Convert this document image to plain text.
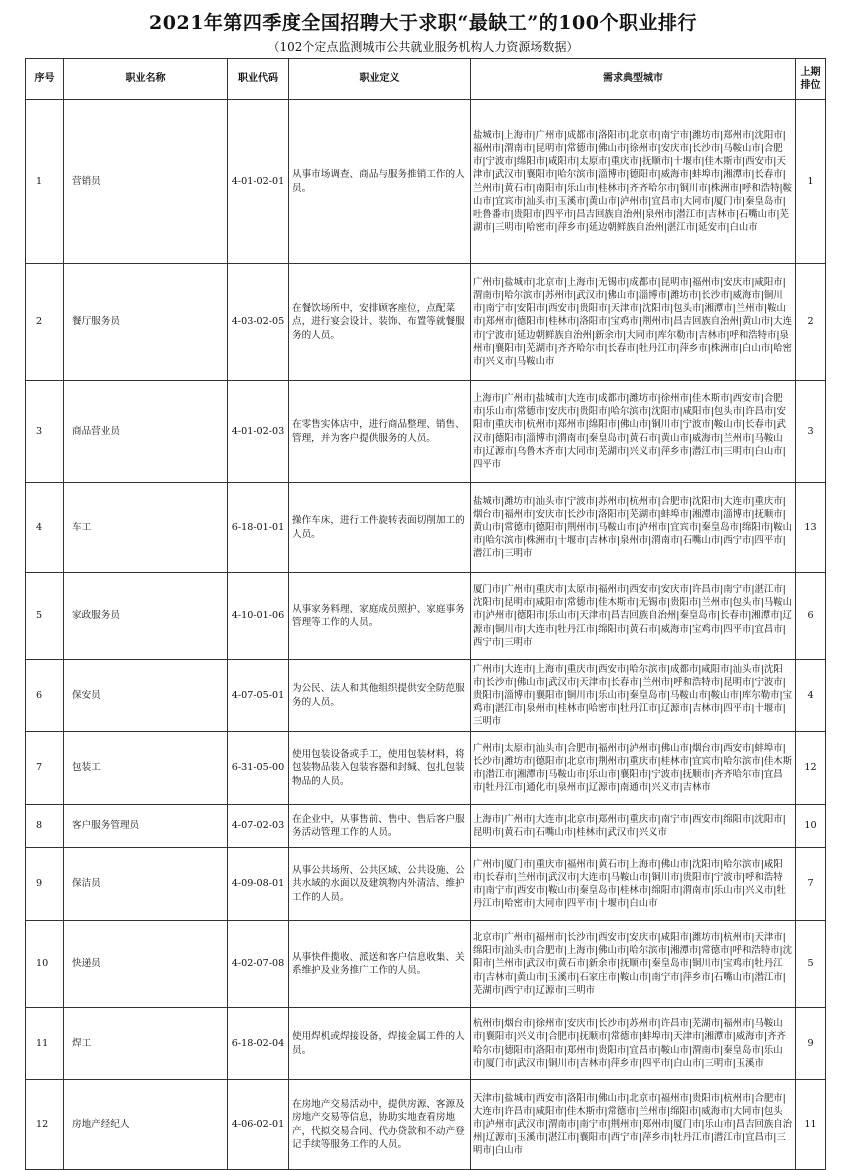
2021年第四季度全国招聘大于求职“最缺工”的100个职业排行
（102个定点监测城市公共就业服务机构人力资源场数据）
序号	职业名称	职业代码	职业定义	需求典型城市	上期排位
1	营销员	4-01-02-01	从事市场调查、商品与服务推销工作的人员。	盐城市|上海市|广州市|成都市|洛阳市|北京市|南宁市|潍坊市|郑州市|沈阳市|福州市|渭南市|昆明市|常德市|佛山市|徐州市|安庆市|长沙市|马鞍山市|合肥市|宁波市|绵阳市|咸阳市|太原市|重庆市|抚顺市|十堰市|佳木斯市|西安市|天津市|武汉市|襄阳市|哈尔滨市|淄博市|德阳市|威海市|蚌埠市|湘潭市|长春市|兰州市|黄石市|南阳市|乐山市|桂林市|齐齐哈尔市|铜川市|株洲市|呼和浩特|鞍山市|宜宾市|汕头市|玉溪市|黄山市|泸州市|宜昌市|大同市|厦门市|秦皇岛市|吐鲁番市|贵阳市|四平市|昌吉回族自治州|泉州市|潜江市|吉林市|石嘴山市|芜湖市|三明市|哈密市|萍乡市|延边朝鲜族自治州|湛江市|延安市|白山市	1
2	餐厅服务员	4-03-02-05	在餐饮场所中，安排顾客座位，点配菜点，进行宴会设计、装饰、布置等就餐服务的人员。	广州市|盐城市|北京市|上海市|无锡市|成都市|昆明市|福州市|安庆市|咸阳市|渭南市|哈尔滨市|苏州市|武汉市|佛山市|淄博市|潍坊市|长沙市|威海市|铜川市|南宁市|安阳市|西安市|贵阳市|天津市|沈阳市|包头市|湘潭市|兰州市|鞍山市|郑州市|德阳市|桂林市|洛阳市|宝鸡市|荆州市|昌吉回族自治州|黄山市|大连市|宁波市|延边朝鲜族自治州|新余市|大同市|库尔勒市|吉林市|呼和浩特市|泉州市|襄阳市|芜湖市|齐齐哈尔市|长春市|牡丹江市|萍乡市|株洲市|白山市|哈密市|兴义市|马鞍山市	2
3	商品营业员	4-01-02-03	在零售实体店中，进行商品整理、销售、管理，并为客户提供服务的人员。	上海市|广州市|盐城市|大连市|成都市|潍坊市|徐州市|佳木斯市|西安市|合肥市|乐山市|常德市|安庆市|贵阳市|哈尔滨市|沈阳市|咸阳市|包头市|许昌市|安阳市|重庆市|杭州市|郑州市|绵阳市|佛山市|铜川市|宁波市|鞍山市|长春市|武汉市|德阳市|淄博市|渭南市|秦皇岛市|黄石市|黄山市|威海市|兰州市|马鞍山市|辽源市|乌鲁木齐市|大同市|芜湖市|兴义市|萍乡市|潜江市|三明市|白山市|四平市	3
4	车工	6-18-01-01	操作车床，进行工件旋转表面切削加工的人员。	盐城市|潍坊市|汕头市|宁波市|苏州市|杭州市|合肥市|沈阳市|大连市|重庆市|烟台市|福州市|安庆市|长沙市|洛阳市|芜湖市|蚌埠市|湘潭市|淄博市|抚顺市|黄山市|常德市|德阳市|荆州市|马鞍山市|泸州市|宜宾市|秦皇岛市|绵阳市|鞍山市|哈尔滨市|株洲市|十堰市|吉林市|泉州市|渭南市|石嘴山市|西宁市|四平市|潜江市|三明市	13
5	家政服务员	4-10-01-06	从事家务料理、家庭成员照护、家庭事务管理等工作的人员。	厦门市|广州市|重庆市|太原市|福州市|西安市|安庆市|许昌市|南宁市|湛江市|沈阳市|昆明市|咸阳市|常德市|佳木斯市|无锡市|贵阳市|兰州市|包头市|马鞍山市|泸州市|德阳市|乐山市|天津市|昌吉回族自治州|秦皇岛市|长春市|湘潭市|辽源市|铜川市|大连市|牡丹江市|绵阳市|黄石市|威海市|宝鸡市|四平市|宜昌市|西宁市|三明市	6
6	保安员	4-07-05-01	为公民、法人和其他组织提供安全防范服务的人员。	广州市|大连市|上海市|重庆市|西安市|哈尔滨市|成都市|咸阳市|汕头市|沈阳市|长沙市|佛山市|武汉市|天津市|长春市|兰州市|呼和浩特市|昆明市|宁波市|贵阳市|淄博市|襄阳市|铜川市|乐山市|秦皇岛市|马鞍山市|鞍山市|库尔勒市|宝鸡市|湛江市|泉州市|桂林市|哈密市|牡丹江市|辽源市|吉林市|四平市|十堰市|三明市	4
7	包装工	6-31-05-00	使用包装设备或手工，使用包装材料，将包装物品装入包装容器和封缄、包扎包装物品的人员。	广州市|太原市|汕头市|合肥市|福州市|泸州市|佛山市|烟台市|西安市|蚌埠市|长沙市|潍坊市|德阳市|北京市|荆州市|重庆市|桂林市|宜宾市|哈尔滨市|佳木斯市|潜江市|湘潭市|马鞍山市|乐山市|襄阳市|宁波市|抚顺市|齐齐哈尔市|宜昌市|牡丹江市|通化市|泉州市|辽源市|南通市|兴义市|吉林市	12
8	客户服务管理员	4-07-02-03	在企业中，从事售前、售中、售后客户服务活动管理工作的人员。	上海市|广州市|大连市|北京市|郑州市|重庆市|南宁市|西安市|绵阳市|沈阳市|昆明市|黄石市|石嘴山市|桂林市|武汉市|兴义市	10
9	保洁员	4-09-08-01	从事公共场所、公共区域、公共设施、公共水域的水面以及建筑物内外清洁、维护工作的人员。	广州市|厦门市|重庆市|福州市|黄石市|上海市|佛山市|沈阳市|哈尔滨市|咸阳市|长春市|兰州市|武汉市|大连市|马鞍山市|铜川市|贵阳市|宁波市|呼和浩特市|南宁市|西安市|鞍山市|秦皇岛市|桂林市|绵阳市|渭南市|乐山市|兴义市|牡丹江市|哈密市|大同市|四平市|十堰市|白山市	7
10	快递员	4-02-07-08	从事快件揽收、派送和客户信息收集、关系维护及业务推广工作的人员。	北京市|广州市|福州市|长沙市|西安市|安庆市|咸阳市|潍坊市|杭州市|天津市|绵阳市|汕头市|合肥市|上海市|佛山市|哈尔滨市|湘潭市|常德市|呼和浩特市|沈阳市|兰州市|武汉市|黄石市|新余市|抚顺市|秦皇岛市|铜川市|宝鸡市|牡丹江市|吉林市|黄山市|玉溪市|石家庄市|鞍山市|南宁市|萍乡市|石嘴山市|潜江市|芜湖市|西宁市|辽源市|三明市	5
11	焊工	6-18-02-04	使用焊机或焊接设备，焊接金属工件的人员。	杭州市|烟台市|徐州市|安庆市|长沙市|苏州市|许昌市|芜湖市|福州市|马鞍山市|襄阳市|兴义市|合肥市|抚顺市|常德市|蚌埠市|天津市|湘潭市|威海市|齐齐哈尔市|德阳市|洛阳市|郑州市|贵阳市|宜昌市|鞍山市|渭南市|秦皇岛市|乐山市|厦门市|武汉市|铜川市|吉林市|萍乡市|四平市|白山市|三明市|玉溪市	9
12	房地产经纪人	4-06-02-01	在房地产交易活动中，提供房源、客源及房地产交易等信息，协助实地查看房地产，代拟交易合同、代办贷款和不动产登记手续等服务工作的人员。	天津市|盐城市|西安市|洛阳市|佛山市|北京市|福州市|贵阳市|杭州市|合肥市|大连市|许昌市|咸阳市|佳木斯市|常德市|兰州市|绵阳市|威海市|大同市|包头市|泸州市|武汉市|渭南市|南宁市|荆州市|郑州市|厦门市|乐山市|昌吉回族自治州|辽源市|玉溪市|湛江市|襄阳市|西宁市|萍乡市|牡丹江市|潜江市|宜昌市|三明市|白山市	11
